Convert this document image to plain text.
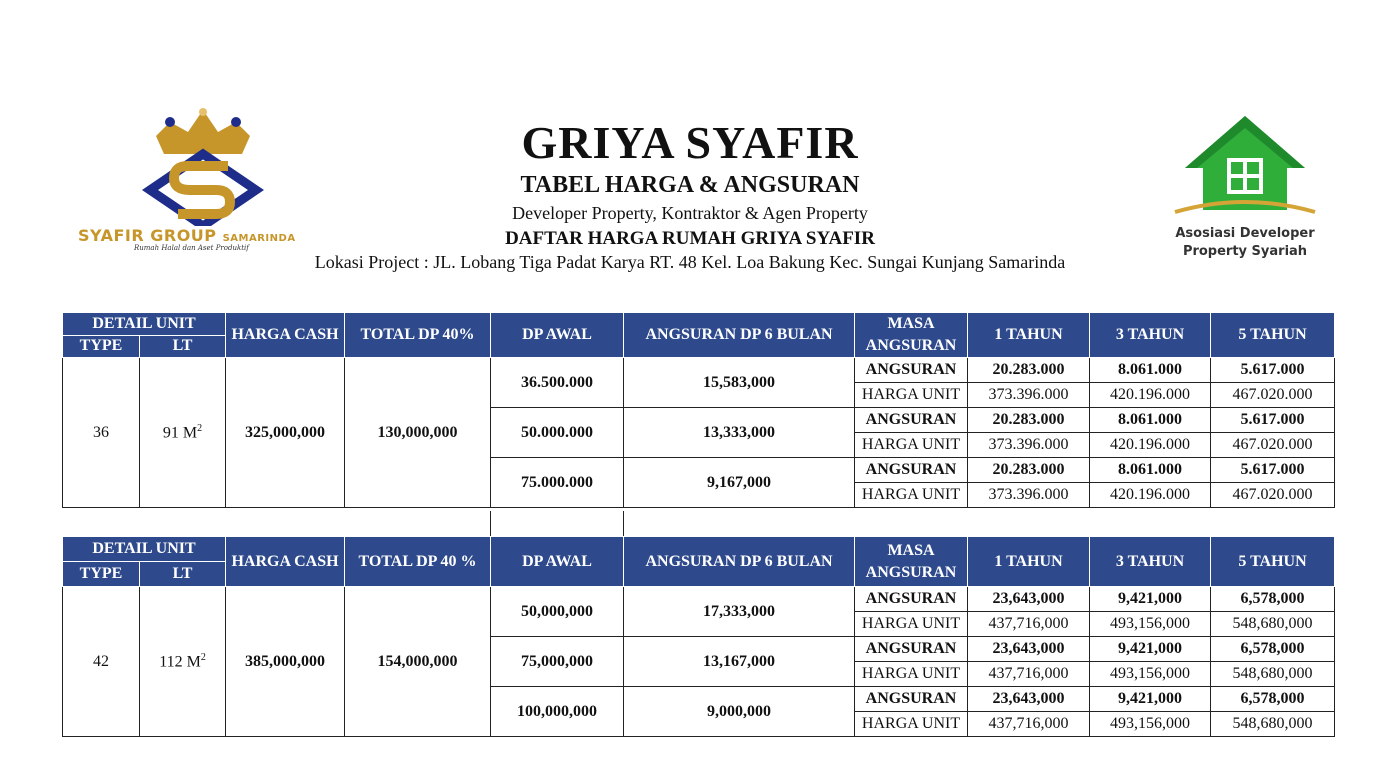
SYAFIR GROUP SAMARINDA
Rumah Halal dan Aset Produktif
GRIYA SYAFIR
TABEL HARGA & ANGSURAN
Developer Property, Kontraktor & Agen Property
DAFTAR HARGA RUMAH GRIYA SYAFIR
Lokasi Project : JL. Lobang Tiga Padat Karya RT. 48 Kel. Loa Bakung Kec. Sungai Kunjang Samarinda
Asosiasi Developer
Property Syariah
DETAIL UNIT		HARGA CASH	TOTAL DP 40%	DP AWAL	ANGSURAN DP 6 BULAN	MASA ANGSURAN	1 TAHUN	3 TAHUN	5 TAHUN
TYPE	LT								
36	91 $M^2$	325,000,000	130,000,000	36.500.000	15,583,000	ANGSURAN	20.283.000	8.061.000	5.617.000
						HARGA UNIT	373.396.000	420.196.000	467.020.000
				50.000.000	13,333,000	ANGSURAN	20.283.000	8.061.000	5.617.000
						HARGA UNIT	373.396.000	420.196.000	467.020.000
				75.000.000	9,167,000	ANGSURAN	20.283.000	8.061.000	5.617.000
						HARGA UNIT	373.396.000	420.196.000	467.020.000
DETAIL UNIT		HARGA CASH	TOTAL DP 40 %	DP AWAL	ANGSURAN DP 6 BULAN	MASA ANGSURAN	1 TAHUN	3 TAHUN	5 TAHUN
TYPE	LT								
42	112 $M^2$	385,000,000	154,000,000	50,000,000	17,333,000	ANGSURAN	23,643,000	9,421,000	6,578,000
						HARGA UNIT	437,716,000	493,156,000	548,680,000
				75,000,000	13,167,000	ANGSURAN	23,643,000	9,421,000	6,578,000
						HARGA UNIT	437,716,000	493,156,000	548,680,000
				100,000,000	9,000,000	ANGSURAN	23,643,000	9,421,000	6,578,000
						HARGA UNIT	437,716,000	493,156,000	548,680,000
